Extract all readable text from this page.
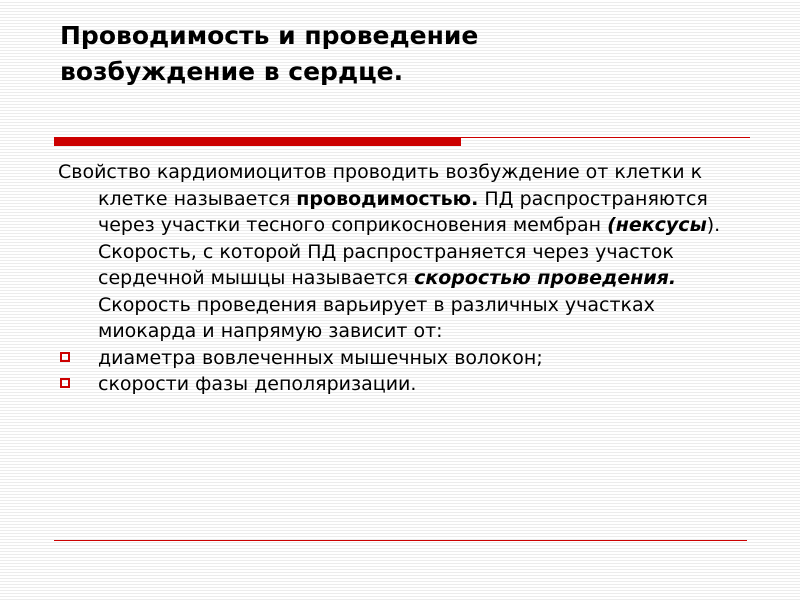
Проводимость и проведение
возбуждение в сердце.

Свойство кардиомиоцитов проводить возбуждение от клетки к клетке называется проводимостью. ПД распространяются через участки тесного соприкосновения мембран (нексусы). Скорость, с которой ПД распространяется через участок сердечной мышцы называется скоростью проведения. Скорость проведения варьирует в различных участках миокарда и напрямую зависит от:

диаметра вовлеченных мышечных волокон;

скорости фазы деполяризации.
